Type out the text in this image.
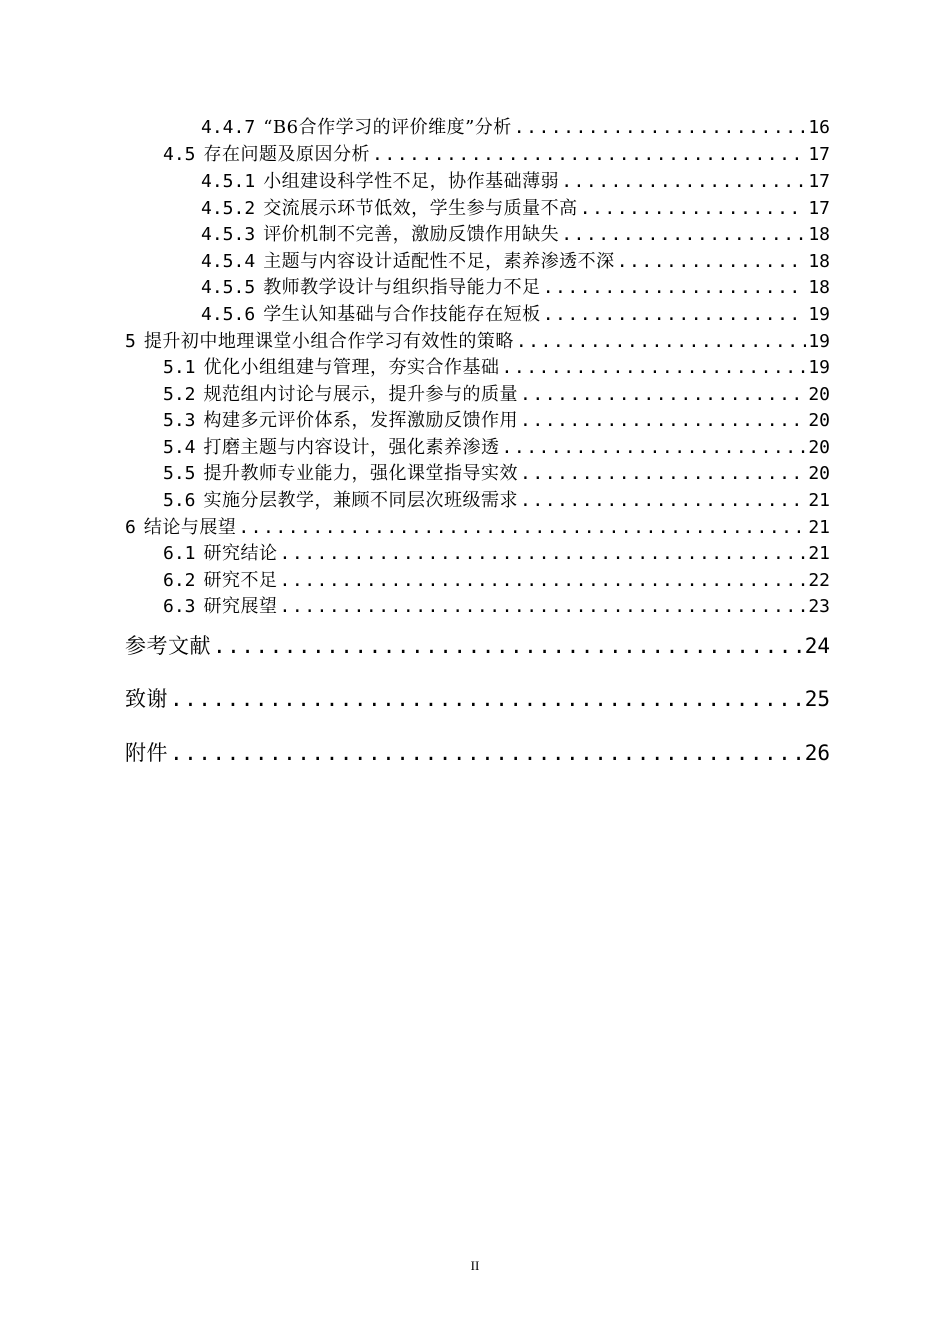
4.4.7 “B6合作学习的评价维度”分析 .....	16
4.5 存在问题及原因分析 .....	17
4.5.1 小组建设科学性不足，协作基础薄弱 .....	17
4.5.2 交流展示环节低效，学生参与质量不高 .....	17
4.5.3 评价机制不完善，激励反馈作用缺失 .....	18
4.5.4 主题与内容设计适配性不足，素养渗透不深 .....	18
4.5.5 教师教学设计与组织指导能力不足 .....	18
4.5.6 学生认知基础与合作技能存在短板 .....	19
5 提升初中地理课堂小组合作学习有效性的策略 .....	19
5.1 优化小组组建与管理，夯实合作基础 .....	19
5.2 规范组内讨论与展示，提升参与的质量 .....	20
5.3 构建多元评价体系，发挥激励反馈作用 .....	20
5.4 打磨主题与内容设计，强化素养渗透 .....	20
5.5 提升教师专业能力，强化课堂指导实效 .....	20
5.6 实施分层教学，兼顾不同层次班级需求 .....	21
6 结论与展望 .....	21
6.1 研究结论 .....	21
6.2 研究不足 .....	22
6.3 研究展望 .....	23
参考文献 .....	24
致谢 .....	25
附件 .....	26
II
